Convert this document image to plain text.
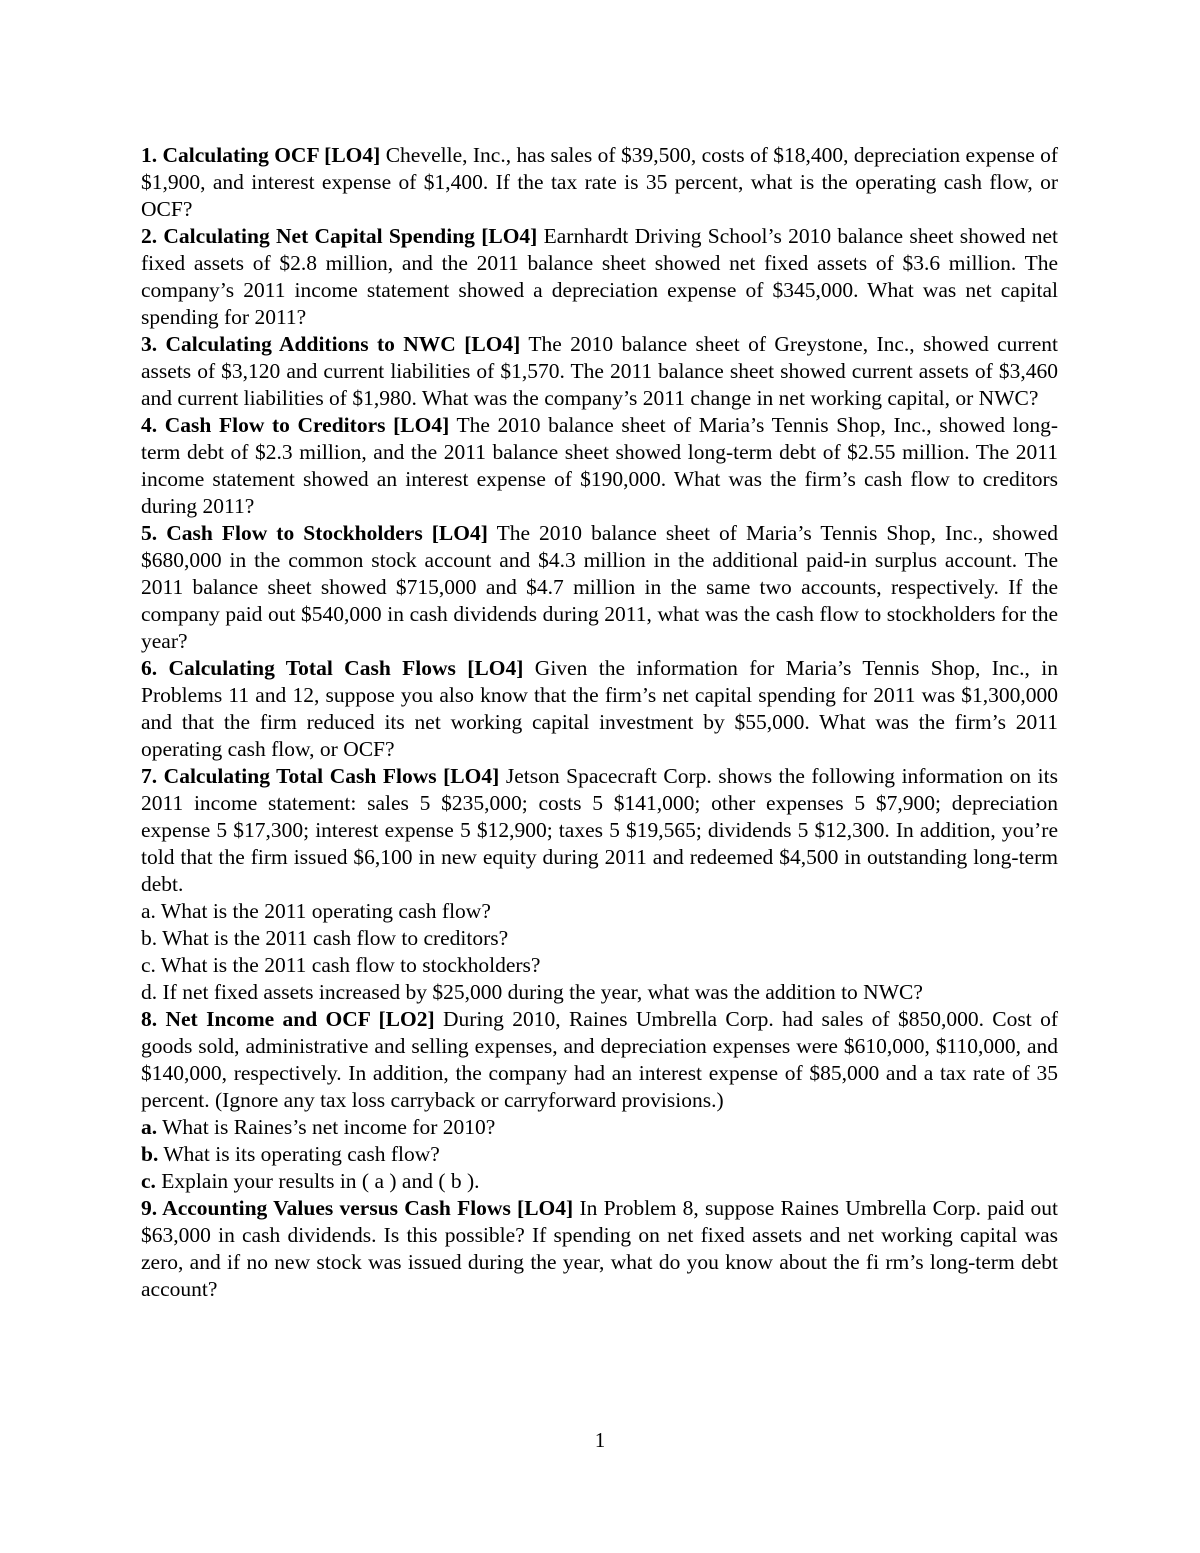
1. Calculating OCF [LO4] Chevelle, Inc., has sales of $39,500, costs of $18,400, depreciation expense of $1,900, and interest expense of $1,400. If the tax rate is 35 percent, what is the operating cash flow, or OCF?

2. Calculating Net Capital Spending [LO4] Earnhardt Driving School’s 2010 balance sheet showed net fixed assets of $2.8 million, and the 2011 balance sheet showed net fixed assets of $3.6 million. The company’s 2011 income statement showed a depreciation expense of $345,000. What was net capital spending for 2011?

3. Calculating Additions to NWC [LO4] The 2010 balance sheet of Greystone, Inc., showed current assets of $3,120 and current liabilities of $1,570. The 2011 balance sheet showed current assets of $3,460 and current liabilities of $1,980. What was the company’s 2011 change in net working capital, or NWC?

4. Cash Flow to Creditors [LO4] The 2010 balance sheet of Maria’s Tennis Shop, Inc., showed long-term debt of $2.3 million, and the 2011 balance sheet showed long-term debt of $2.55 million. The 2011 income statement showed an interest expense of $190,000. What was the firm’s cash flow to creditors during 2011?

5. Cash Flow to Stockholders [LO4] The 2010 balance sheet of Maria’s Tennis Shop, Inc., showed $680,000 in the common stock account and $4.3 million in the additional paid-in surplus account. The 2011 balance sheet showed $715,000 and $4.7 million in the same two accounts, respectively. If the company paid out $540,000 in cash dividends during 2011, what was the cash flow to stockholders for the year?

6. Calculating Total Cash Flows [LO4] Given the information for Maria’s Tennis Shop, Inc., in Problems 11 and 12, suppose you also know that the firm’s net capital spending for 2011 was $1,300,000 and that the firm reduced its net working capital investment by $55,000. What was the firm’s 2011 operating cash flow, or OCF?

7. Calculating Total Cash Flows [LO4] Jetson Spacecraft Corp. shows the following information on its 2011 income statement: sales 5 $235,000; costs 5 $141,000; other expenses 5 $7,900; depreciation expense 5 $17,300; interest expense 5 $12,900; taxes 5 $19,565; dividends 5 $12,300. In addition, you’re told that the firm issued $6,100 in new equity during 2011 and redeemed $4,500 in outstanding long-term debt.

a. What is the 2011 operating cash flow?

b. What is the 2011 cash flow to creditors?

c. What is the 2011 cash flow to stockholders?

d. If net fixed assets increased by $25,000 during the year, what was the addition to NWC?

8. Net Income and OCF [LO2] During 2010, Raines Umbrella Corp. had sales of $850,000. Cost of goods sold, administrative and selling expenses, and depreciation expenses were $610,000, $110,000, and $140,000, respectively. In addition, the company had an interest expense of $85,000 and a tax rate of 35 percent. (Ignore any tax loss carryback or carryforward provisions.)

a. What is Raines’s net income for 2010?

b. What is its operating cash flow?

c. Explain your results in ( a ) and ( b ).

9. Accounting Values versus Cash Flows [LO4] In Problem 8, suppose Raines Umbrella Corp. paid out $63,000 in cash dividends. Is this possible? If spending on net fixed assets and net working capital was zero, and if no new stock was issued during the year, what do you know about the fi rm’s long-term debt account?

1
